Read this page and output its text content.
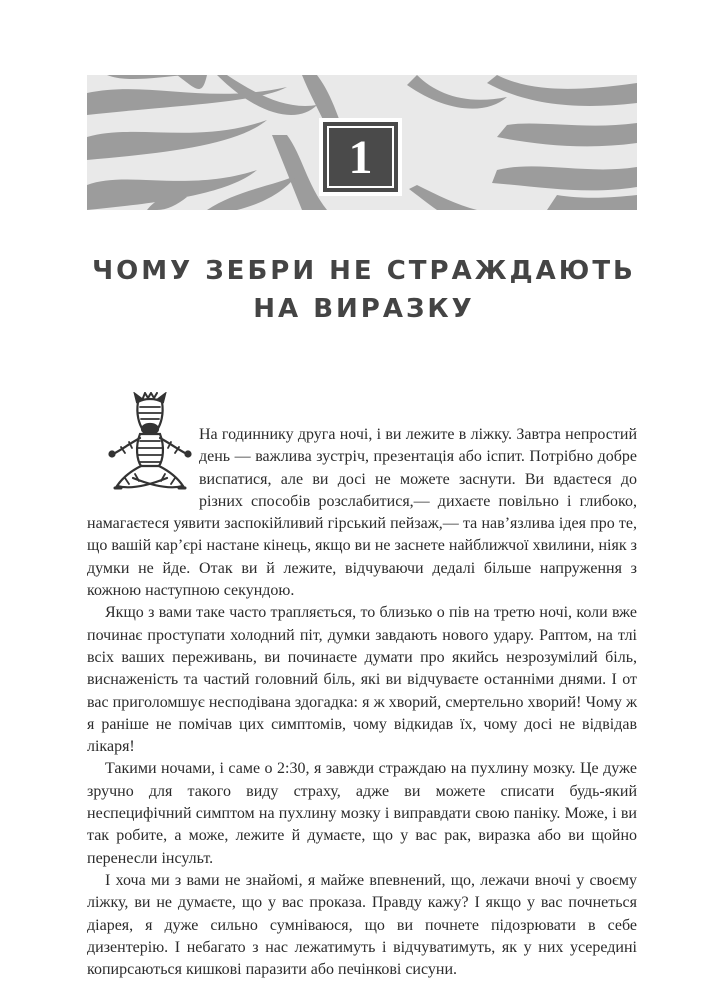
1
ЧОМУ ЗЕБРИ НЕ СТРАЖДАЮТЬ
НА ВИРАЗКУ

На годиннику друга ночі, і ви лежите в ліжку. Завтра непростий день — важлива зустріч, презентація або іспит. Потрібно добре виспатися, але ви досі не можете заснути. Ви вдаєтеся до різних способів розслабитися,— дихаєте повільно і глибоко, намагаєтеся уявити заспокійливий гірський пейзаж,— та нав’язлива ідея про те, що вашій кар’єрі настане кінець, якщо ви не заснете найближчої хвилини, ніяк з думки не йде. Отак ви й лежите, відчуваючи дедалі більше напруження з кожною наступною секундою.

Якщо з вами таке часто трапляється, то близько о пів на третю ночі, коли вже починає проступати холодний піт, думки завдають нового удару. Раптом, на тлі всіх ваших переживань, ви починаєте думати про якийсь незрозумілий біль, виснаженість та частий головний біль, які ви відчуваєте останніми днями. І от вас приголомшує несподівана здогадка: я ж хворий, смертельно хворий! Чому ж я раніше не помічав цих симптомів, чому відкидав їх, чому досі не відвідав лікаря!

Такими ночами, і саме о 2:30, я завжди страждаю на пухлину мозку. Це дуже зручно для такого виду страху, адже ви можете списати будь-який неспецифічний симптом на пухлину мозку і виправдати свою паніку. Може, і ви так робите, а може, лежите й думаєте, що у вас рак, виразка або ви щойно перенесли інсульт.

І хоча ми з вами не знайомі, я майже впевнений, що, лежачи вночі у своєму ліжку, ви не думаєте, що у вас проказа. Правду кажу? І якщо у вас почнеться діарея, я дуже сильно сумніваюся, що ви почнете підозрювати в себе дизентерію. І небагато з нас лежатимуть і відчуватимуть, як у них усередині копирсаються кишкові паразити або печінкові сисуни.
